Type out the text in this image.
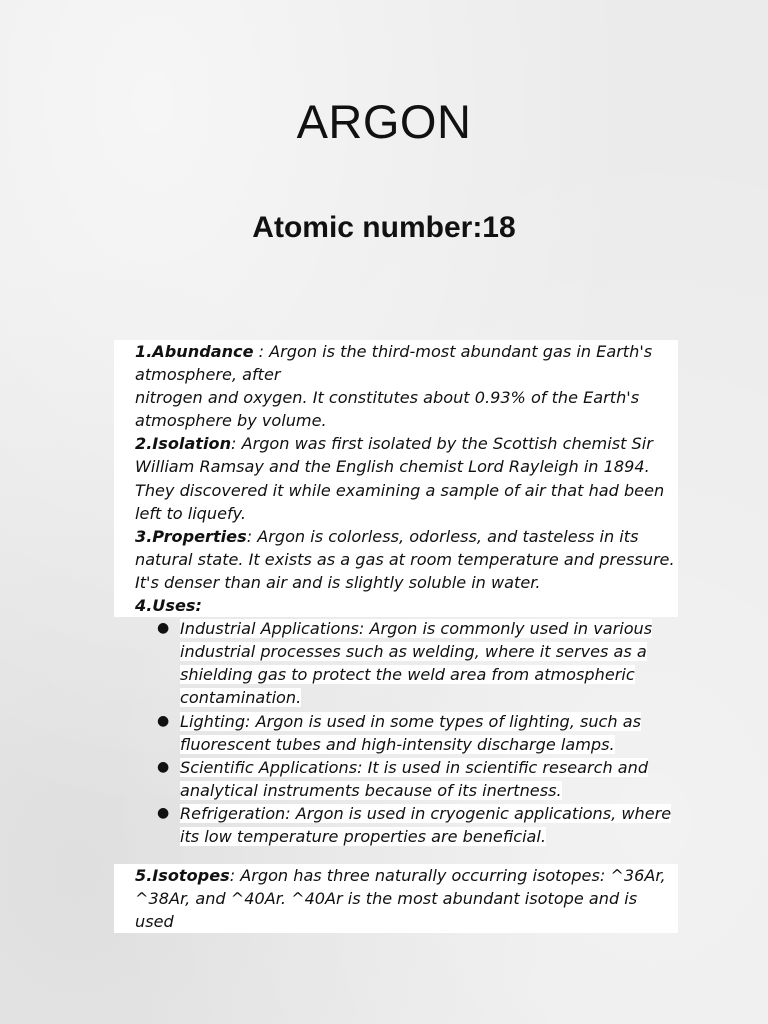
ARGON
Atomic number:18

1.Abundance : Argon is the third-most abundant gas in Earth's atmosphere, after
nitrogen and oxygen. It constitutes about 0.93% of the Earth's atmosphere by volume.

2.Isolation: Argon was first isolated by the Scottish chemist Sir William Ramsay and the English chemist Lord Rayleigh in 1894. They discovered it while examining a sample of air that had been left to liquefy.

3.Properties: Argon is colorless, odorless, and tasteless in its natural state. It exists as a gas at room temperature and pressure. It's denser than air and is slightly soluble in water.

4.Uses:

● Industrial Applications: Argon is commonly used in various industrial processes such as welding, where it serves as a shielding gas to protect the weld area from atmospheric contamination.
● Lighting: Argon is used in some types of lighting, such as fluorescent tubes and high-intensity discharge lamps.
● Scientific Applications: It is used in scientific research and analytical instruments because of its inertness.
● Refrigeration: Argon is used in cryogenic applications, where its low temperature properties are beneficial.

5.Isotopes: Argon has three naturally occurring isotopes: ^36Ar, ^38Ar, and ^40Ar. ^40Ar is the most abundant isotope and is used
